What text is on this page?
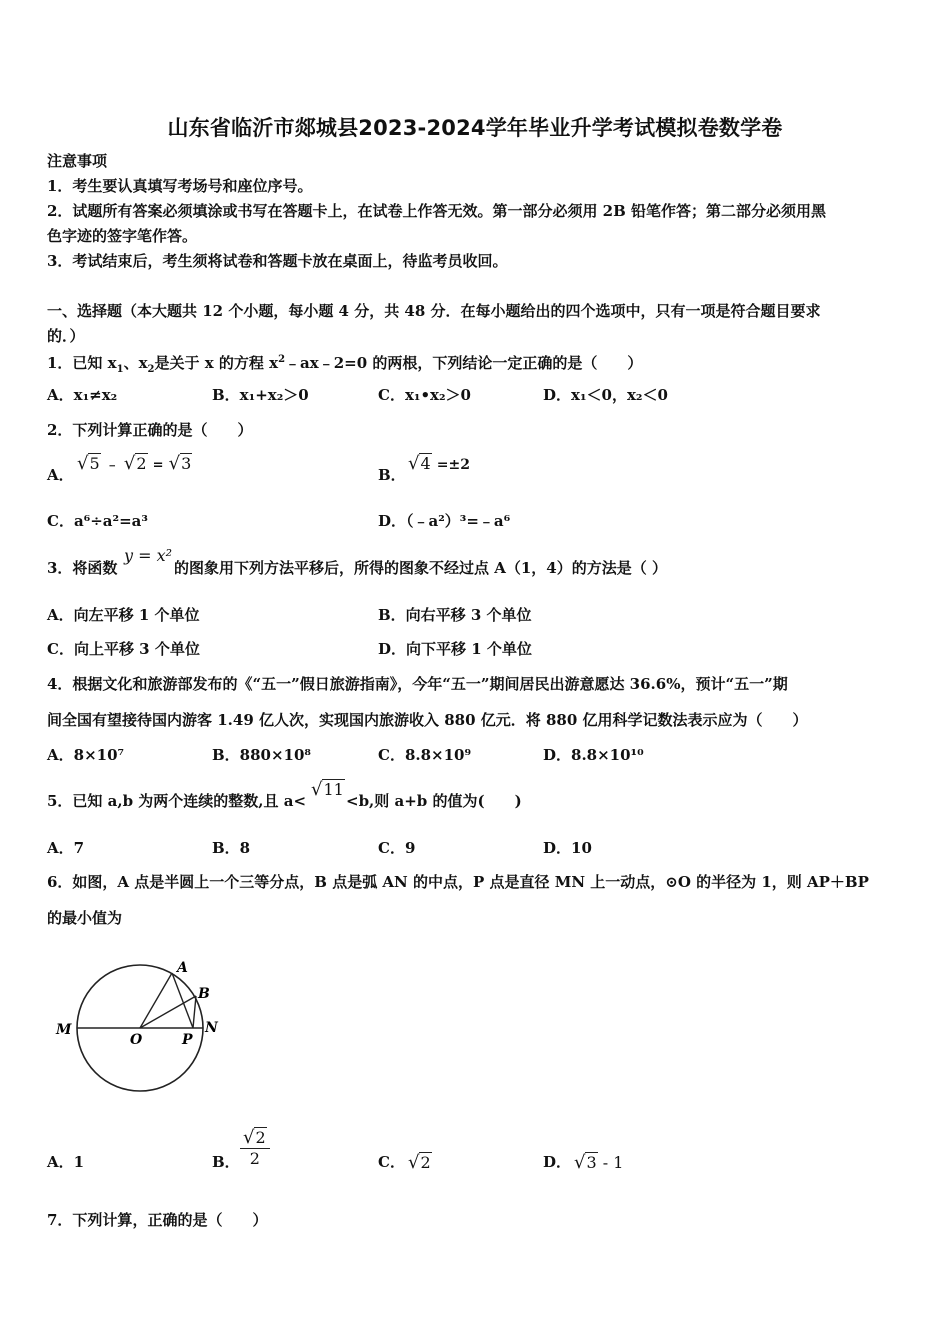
山东省临沂市郯城县2023-2024学年毕业升学考试模拟卷数学卷
注意事项
1．考生要认真填写考场号和座位序号。
2．试题所有答案必须填涂或书写在答题卡上，在试卷上作答无效。第一部分必须用 2B 铅笔作答；第二部分必须用黑
色字迹的签字笔作答。
3．考试结束后，考生须将试卷和答题卡放在桌面上，待监考员收回。
一、选择题（本大题共 12 个小题，每小题 4 分，共 48 分．在每小题给出的四个选项中，只有一项是符合题目要求
的．）
1．已知 $x_1$、$x_2$是关于 x 的方程 $x^2﹣ax﹣2=0$ 的两根，下列结论一定正确的是（　　）
A．x₁≠x₂	B．x₁+x₂＞0	C．x₁•x₂＞0	D．x₁＜0，x₂＜0
2．下列计算正确的是（　　）
A．
√5 ﹣ √2 = √3
B．
√4 =±2
C．a⁶÷a²=a³	D．（﹣a²）³=﹣a⁶
3．将函数
y = x²
的图象用下列方法平移后，所得的图象不经过点 A（1，4）的方法是（ ）
A．向左平移 1 个单位	B．向右平移 3 个单位
C．向上平移 3 个单位	D．向下平移 1 个单位
4．根据文化和旅游部发布的《“五一”假日旅游指南》，今年“五一”期间居民出游意愿达 36.6%，预计“五一”期
间全国有望接待国内游客 1.49 亿人次，实现国内旅游收入 880 亿元．将 880 亿用科学记数法表示应为（　　）
A．8×10⁷	B．880×10⁸	C．8.8×10⁹	D．8.8×10¹⁰
5．已知 a,b 为两个连续的整数,且 a<
√11
<b,则 a+b 的值为(　　)
A．7	B．8	C．9	D．10
6．如图，A 点是半圆上一个三等分点，B 点是弧 AN 的中点，P 点是直径 MN 上一动点，⊙O 的半径为 1，则 AP＋BP
的最小值为
A
B
M	N
O	P
A．1	B． $\frac{√2}{2}$	C． √2	D． √3 - 1
7．下列计算，正确的是（　　）
